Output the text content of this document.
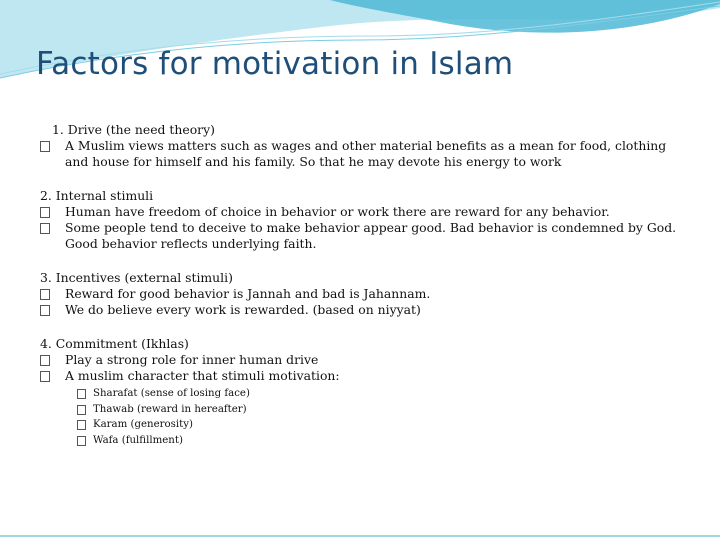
Factors for motivation in Islam
1. Drive (the need theory)
A Muslim views matters such as wages and other material benefits as a mean for food, clothing and house for himself and his family. So that he may devote his energy to work
2. Internal stimuli
Human have freedom of choice in behavior or work there are reward for any behavior.
Some people tend to deceive to make behavior appear good. Bad behavior is condemned by God. Good behavior reflects underlying faith.
3. Incentives (external stimuli)
Reward for good behavior is Jannah and bad is Jahannam.
We do believe every work is rewarded. (based on niyyat)
4. Commitment (Ikhlas)
Play a strong role for inner human drive
A muslim character that stimuli motivation:
Sharafat (sense of losing face)
Thawab (reward in hereafter)
Karam (generosity)
Wafa (fulfillment)
